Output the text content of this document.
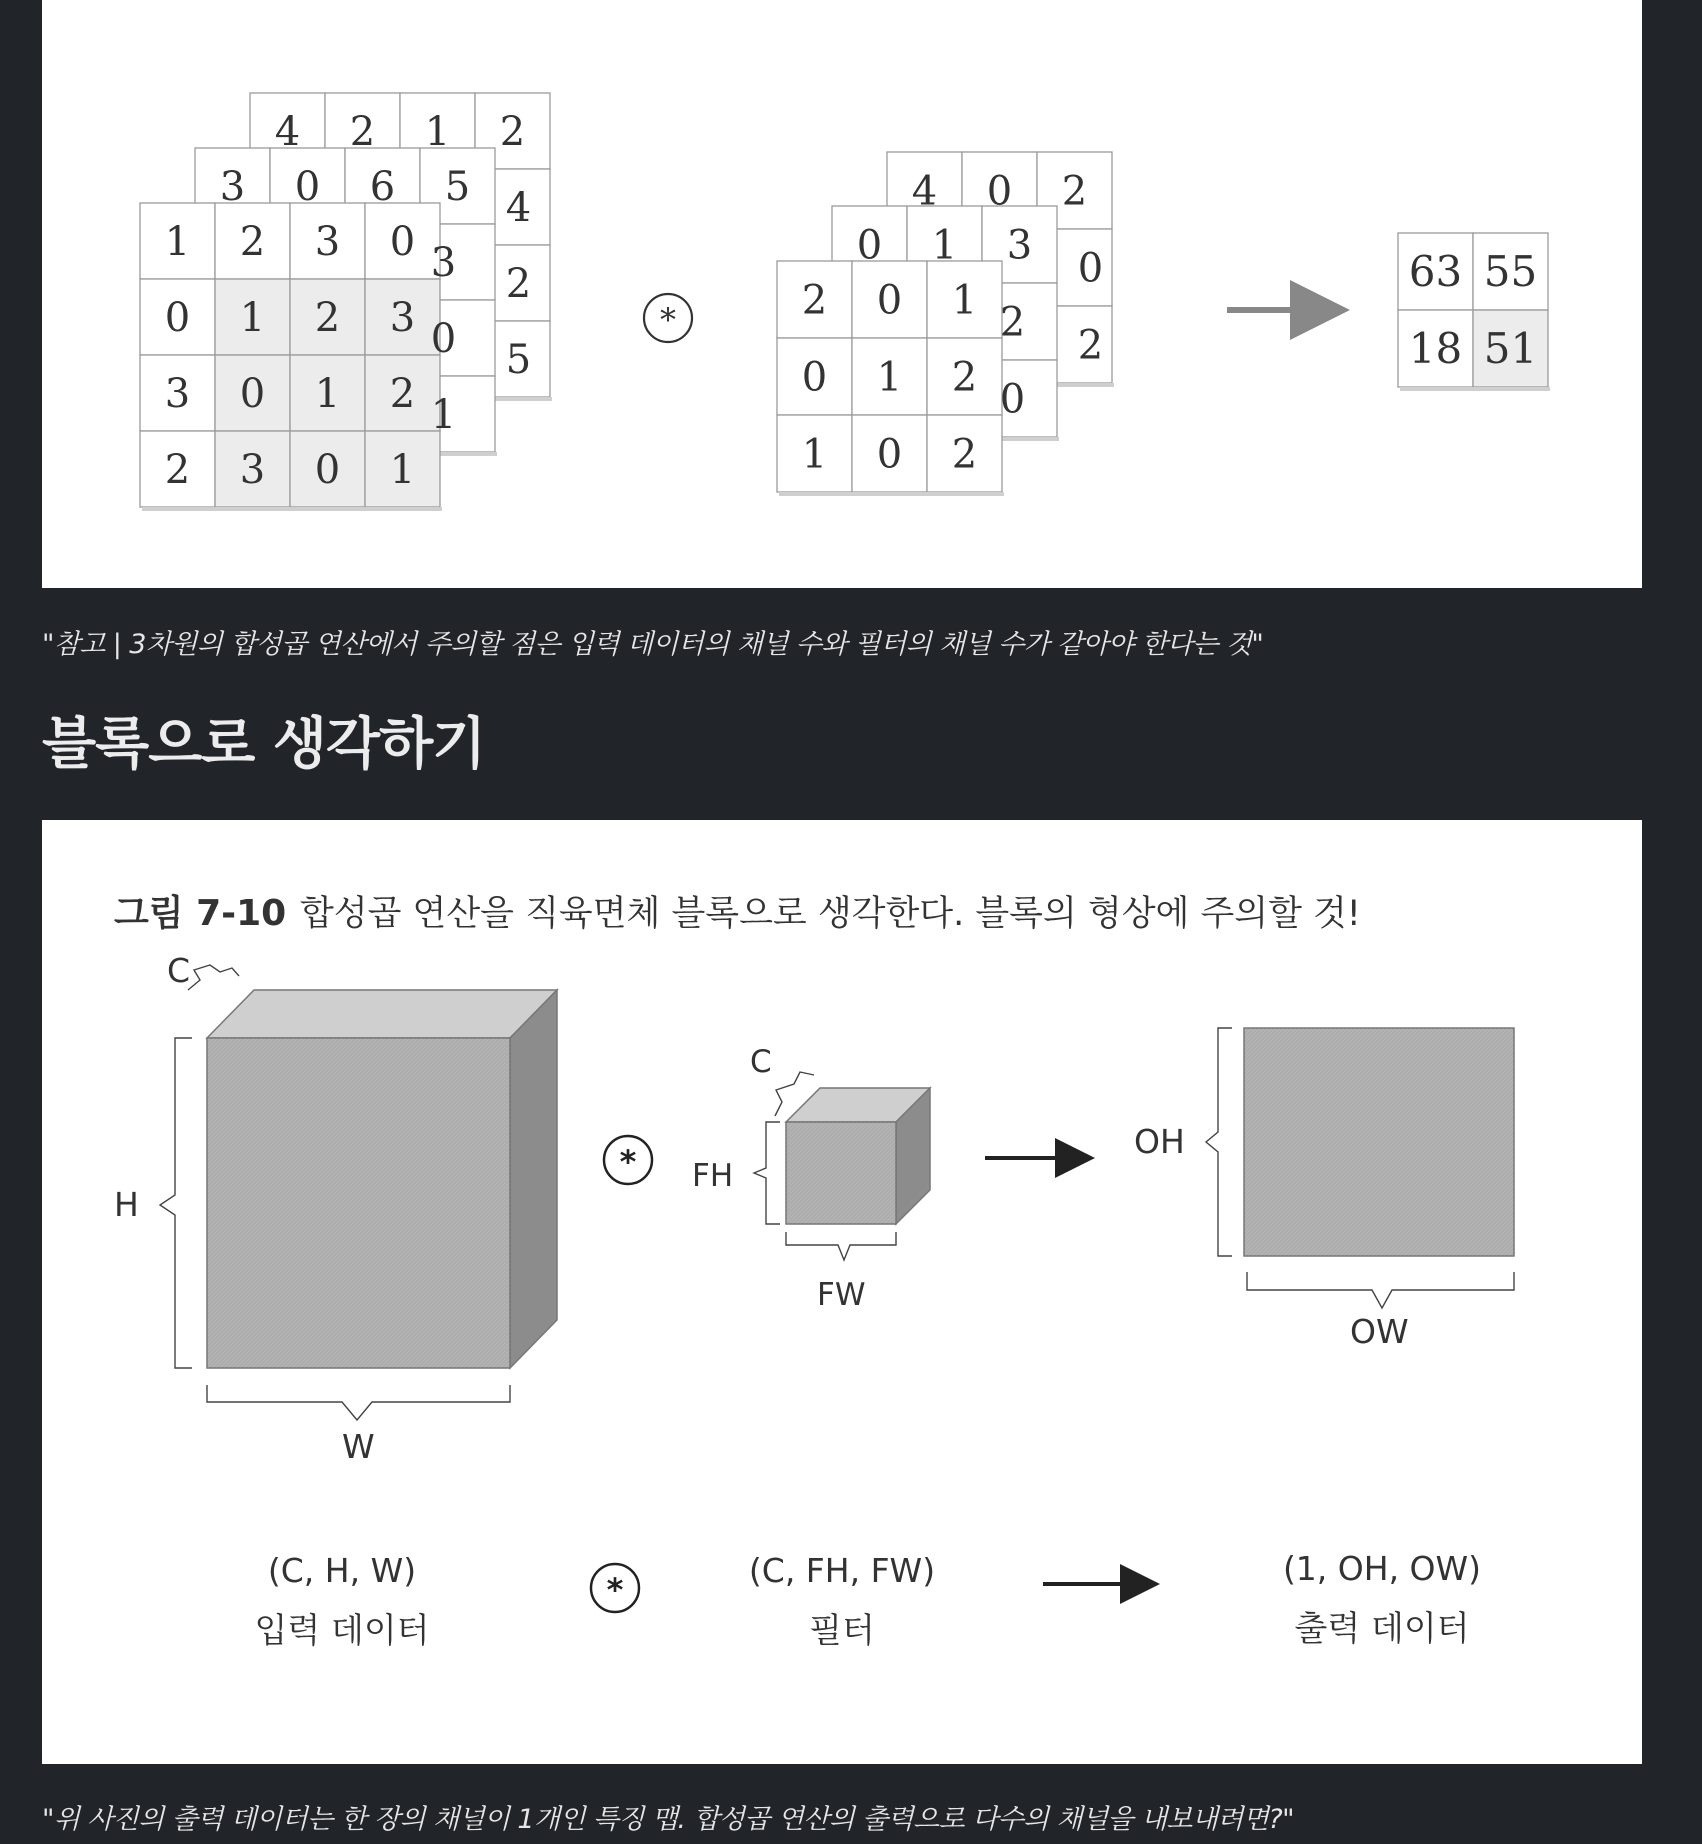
4 2 1 2
3 0 6 5
1 2 3 0
0 1 2 3
3 0 1 2
2 3 0 1
4
2
5
3
0
1
*
4 0 2
0 1 3
2 0 1
0 1 2
1 0 2
0
2
2
0
63 55
18 51
"참고 | 3차원의 합성곱 연산에서 주의할 점은 입력 데이터의 채널 수와 필터의 채널 수가 같아야 한다는 것"
블록으로 생각하기
그림 7-10 합성곱 연산을 직육면체 블록으로 생각한다. 블록의 형상에 주의할 것!
C
H
W
*
C
FH
FW
OH
OW
(C, H, W)
입력 데이터
*	(C, FH, FW)
필터
(1, OH, OW)
출력 데이터
"위 사진의 출력 데이터는 한 장의 채널이 1개인 특징 맵. 합성곱 연산의 출력으로 다수의 채널을 내보내려면?"
